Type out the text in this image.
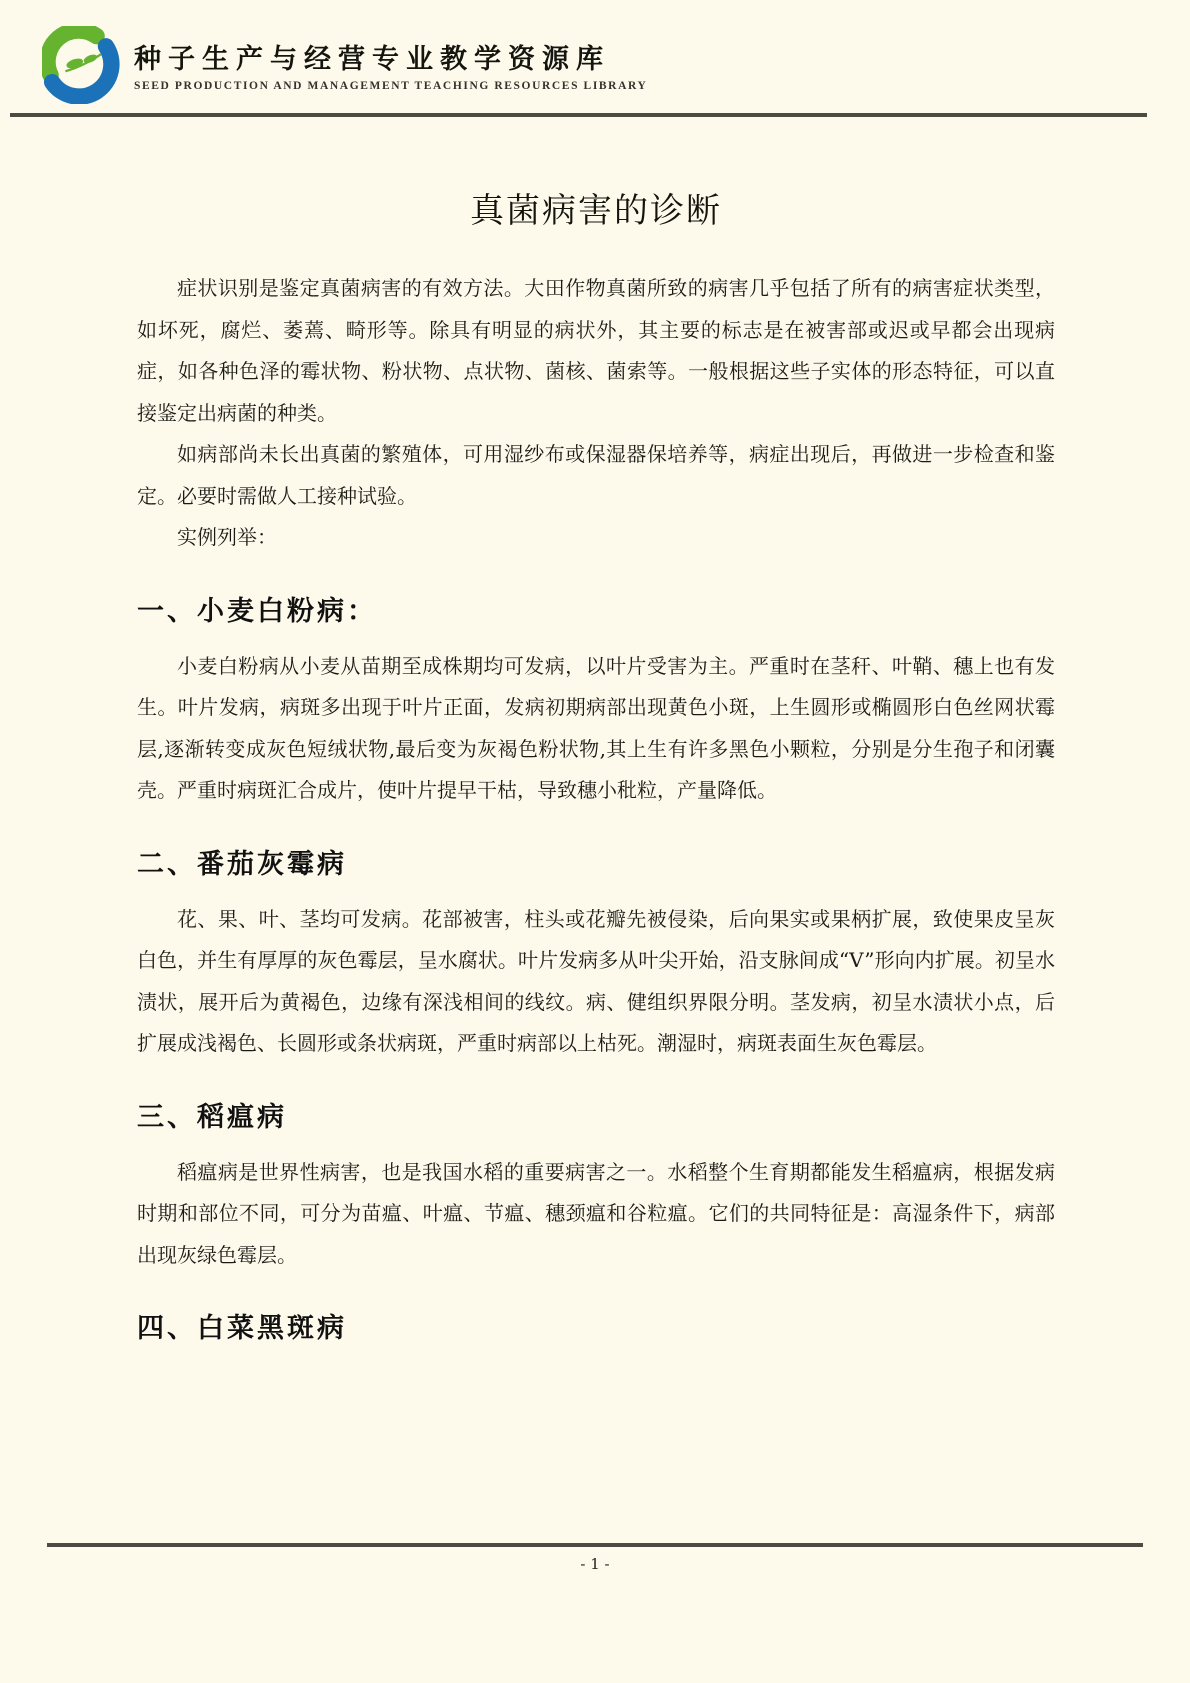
种子生产与经营专业教学资源库
SEED PRODUCTION AND MANAGEMENT TEACHING RESOURCES LIBRARY
真菌病害的诊断

症状识别是鉴定真菌病害的有效方法。大田作物真菌所致的病害几乎包括了所有的病害症状类型，如坏死，腐烂、萎蔫、畸形等。除具有明显的病状外，其主要的标志是在被害部或迟或早都会出现病症，如各种色泽的霉状物、粉状物、点状物、菌核、菌索等。一般根据这些子实体的形态特征，可以直接鉴定出病菌的种类。

如病部尚未长出真菌的繁殖体，可用湿纱布或保湿器保培养等，病症出现后，再做进一步检查和鉴定。必要时需做人工接种试验。

实例列举：

一、小麦白粉病：

小麦白粉病从小麦从苗期至成株期均可发病，以叶片受害为主。严重时在茎秆、叶鞘、穗上也有发生。叶片发病，病斑多出现于叶片正面，发病初期病部出现黄色小斑，上生圆形或椭圆形白色丝网状霉层,逐渐转变成灰色短绒状物,最后变为灰褐色粉状物,其上生有许多黑色小颗粒，分别是分生孢子和闭囊壳。严重时病斑汇合成片，使叶片提早干枯，导致穗小秕粒，产量降低。

二、番茄灰霉病

花、果、叶、茎均可发病。花部被害，柱头或花瓣先被侵染，后向果实或果柄扩展，致使果皮呈灰白色，并生有厚厚的灰色霉层，呈水腐状。叶片发病多从叶尖开始，沿支脉间成“V”形向内扩展。初呈水渍状，展开后为黄褐色，边缘有深浅相间的线纹。病、健组织界限分明。茎发病，初呈水渍状小点，后扩展成浅褐色、长圆形或条状病斑，严重时病部以上枯死。潮湿时，病斑表面生灰色霉层。

三、稻瘟病

稻瘟病是世界性病害，也是我国水稻的重要病害之一。水稻整个生育期都能发生稻瘟病，根据发病时期和部位不同，可分为苗瘟、叶瘟、节瘟、穗颈瘟和谷粒瘟。它们的共同特征是：高湿条件下，病部出现灰绿色霉层。

四、白菜黑斑病
- 1 -
